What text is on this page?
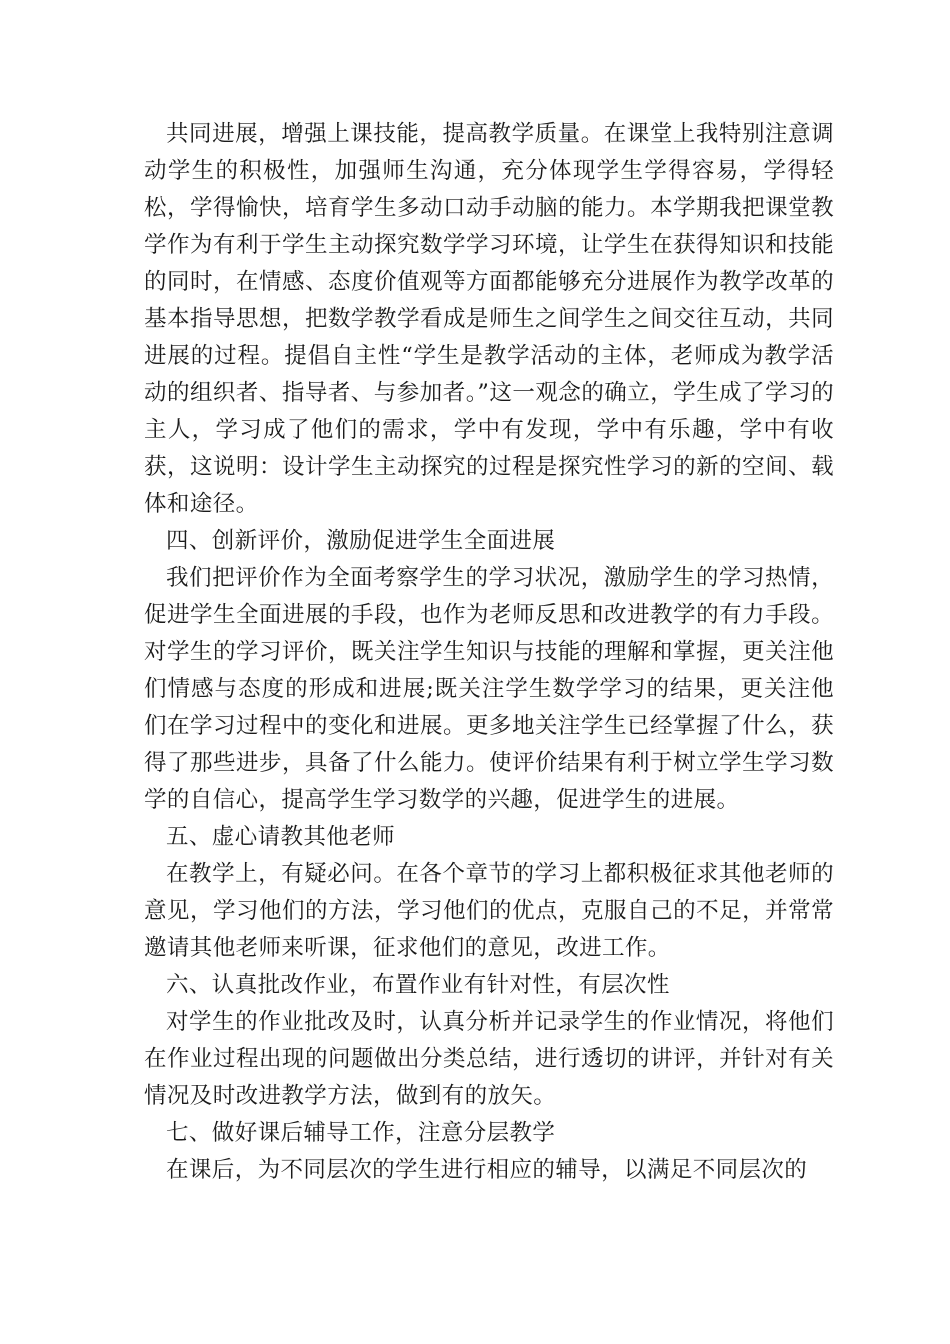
共同进展，增强上课技能，提高教学质量。在课堂上我特别注意调动学生的积极性，加强师生沟通，充分体现学生学得容易，学得轻松，学得愉快，培育学生多动口动手动脑的能力。本学期我把课堂教学作为有利于学生主动探究数学学习环境，让学生在获得知识和技能的同时，在情感、态度价值观等方面都能够充分进展作为教学改革的基本指导思想，把数学教学看成是师生之间学生之间交往互动，共同进展的过程。提倡自主性“学生是教学活动的主体，老师成为教学活动的组织者、指导者、与参加者。”这一观念的确立，学生成了学习的主人，学习成了他们的需求，学中有发现，学中有乐趣，学中有收获，这说明：设计学生主动探究的过程是探究性学习的新的空间、载体和途径。

四、创新评价，激励促进学生全面进展

我们把评价作为全面考察学生的学习状况，激励学生的学习热情，促进学生全面进展的手段，也作为老师反思和改进教学的有力手段。对学生的学习评价，既关注学生知识与技能的理解和掌握，更关注他们情感与态度的形成和进展;既关注学生数学学习的结果，更关注他们在学习过程中的变化和进展。更多地关注学生已经掌握了什么，获得了那些进步，具备了什么能力。使评价结果有利于树立学生学习数学的自信心，提高学生学习数学的兴趣，促进学生的进展。

五、虚心请教其他老师

在教学上，有疑必问。在各个章节的学习上都积极征求其他老师的意见，学习他们的方法，学习他们的优点，克服自己的不足，并常常邀请其他老师来听课，征求他们的意见，改进工作。

六、认真批改作业，布置作业有针对性，有层次性

对学生的作业批改及时，认真分析并记录学生的作业情况，将他们在作业过程出现的问题做出分类总结，进行透切的讲评，并针对有关情况及时改进教学方法，做到有的放矢。

七、做好课后辅导工作，注意分层教学

在课后，为不同层次的学生进行相应的辅导，以满足不同层次的
